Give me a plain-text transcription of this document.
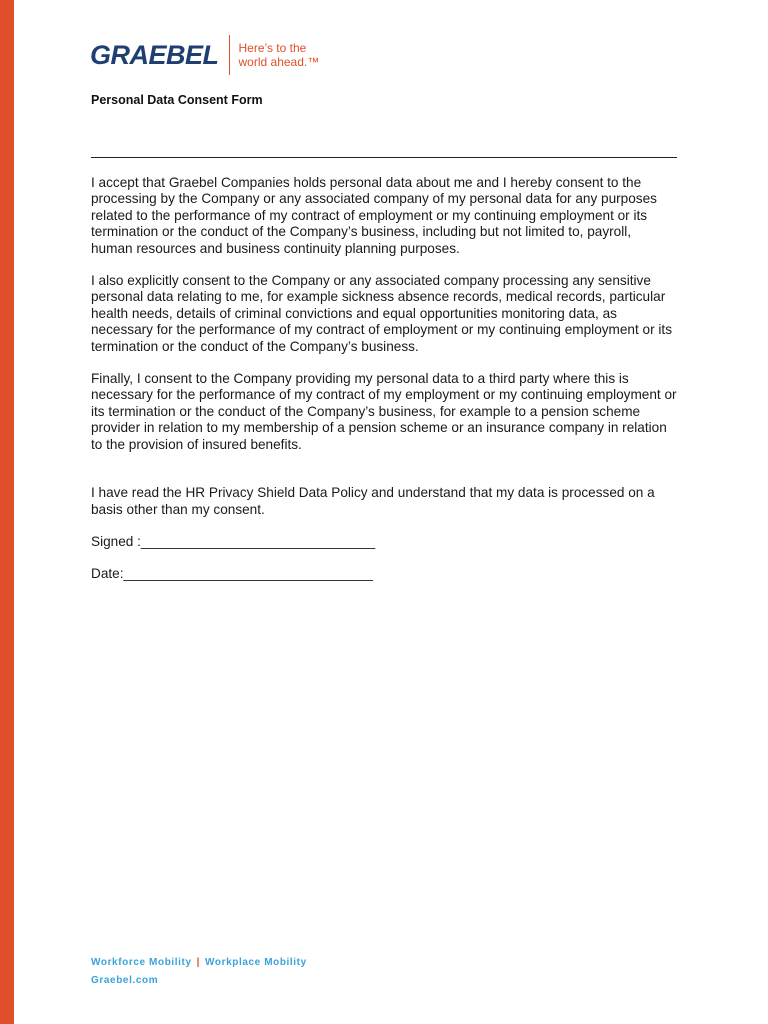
GRAEBEL Here’s to the
world ahead.™
Personal Data Consent Form

I accept that Graebel Companies holds personal data about me and I hereby consent to the processing by the Company or any associated company of my personal data for any purposes related to the performance of my contract of employment or my continuing employment or its termination or the conduct of the Company’s business, including but not limited to, payroll, human resources and business continuity planning purposes.

I also explicitly consent to the Company or any associated company processing any sensitive personal data relating to me, for example sickness absence records, medical records, particular health needs, details of criminal convictions and equal opportunities monitoring data, as necessary for the performance of my contract of employment or my continuing employment or its termination or the conduct of the Company’s business.

Finally, I consent to the Company providing my personal data to a third party where this is necessary for the performance of my contract of my employment or my continuing employment or its termination or the conduct of the Company’s business, for example to a pension scheme provider in relation to my membership of a pension scheme or an insurance company in relation to the provision of insured benefits.

I have read the HR Privacy Shield Data Policy and understand that my data is processed on a basis other than my consent.

Signed :_______________________________

Date:_________________________________

Workforce Mobility | Workplace Mobility
Graebel.com
